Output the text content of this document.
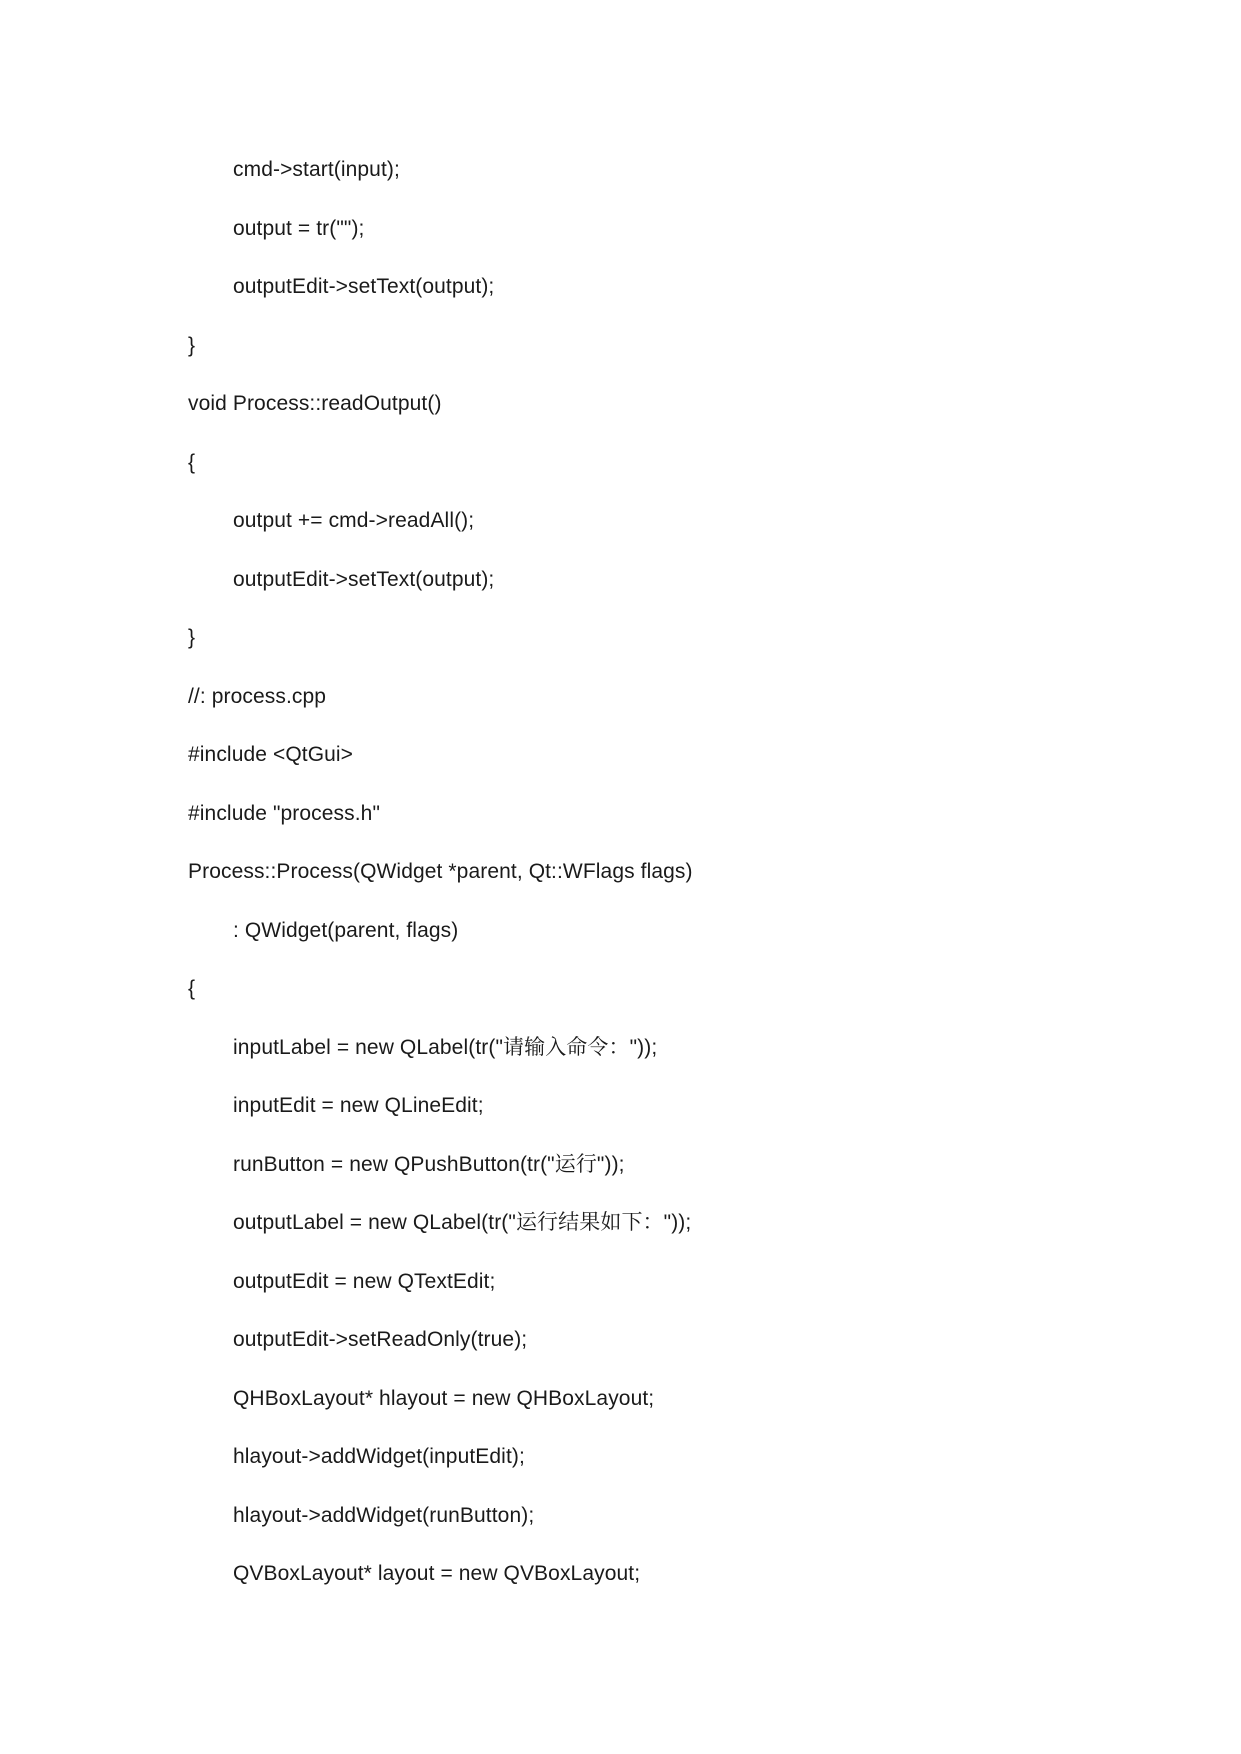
cmd->start(input);
output = tr("");
outputEdit->setText(output);
}
void Process::readOutput()
{
output += cmd->readAll();
outputEdit->setText(output);
}
//: process.cpp
#include <QtGui>
#include "process.h"
Process::Process(QWidget *parent, Qt::WFlags flags)
: QWidget(parent, flags)
{
inputLabel = new QLabel(tr("请输入命令："));
inputEdit = new QLineEdit;
runButton = new QPushButton(tr("运行"));
outputLabel = new QLabel(tr("运行结果如下："));
outputEdit = new QTextEdit;
outputEdit->setReadOnly(true);
QHBoxLayout* hlayout = new QHBoxLayout;
hlayout->addWidget(inputEdit);
hlayout->addWidget(runButton);
QVBoxLayout* layout = new QVBoxLayout;
